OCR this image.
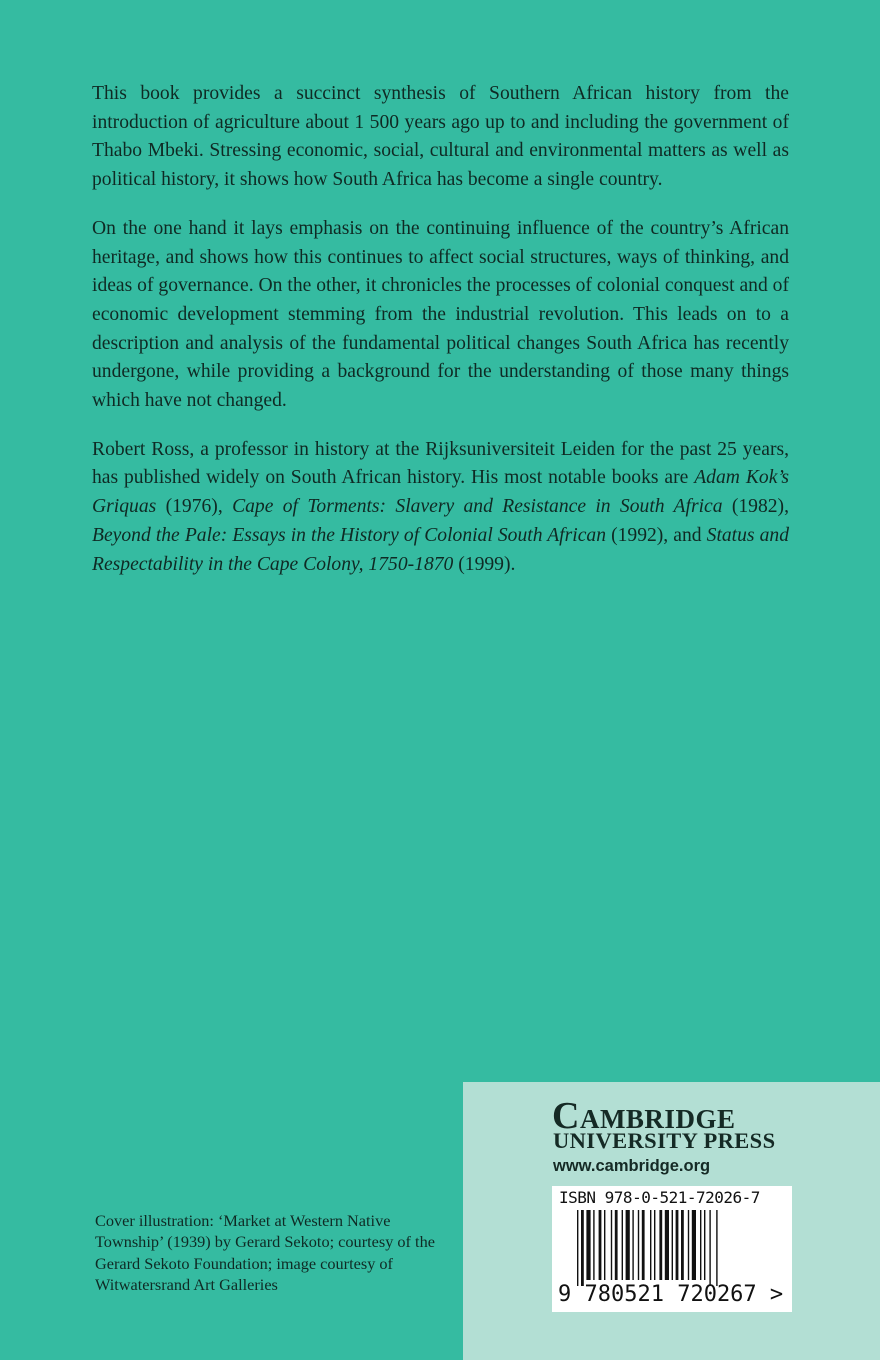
This book provides a succinct synthesis of Southern African history from the introduction of agriculture about 1 500 years ago up to and including the government of Thabo Mbeki. Stressing economic, social, cultural and environmental matters as well as political history, it shows how South Africa has become a single country.

On the one hand it lays emphasis on the continuing influence of the country’s African heritage, and shows how this continues to affect social structures, ways of thinking, and ideas of governance. On the other, it chronicles the processes of colonial conquest and of economic development stemming from the industrial revolution. This leads on to a description and analysis of the fundamental political changes South Africa has recently undergone, while providing a background for the understanding of those many things which have not changed.

Robert Ross, a professor in history at the Rijksuniversiteit Leiden for the past 25 years, has published widely on South African history. His most notable books are Adam Kok’s Griquas (1976), Cape of Torments: Slavery and Resistance in South Africa (1982), Beyond the Pale: Essays in the History of Colonial South African (1992), and Status and Respectability in the Cape Colony, 1750-1870 (1999).

Cover illustration: ‘Market at Western Native Township’ (1939) by Gerard Sekoto; courtesy of the Gerard Sekoto Foundation; image courtesy of Witwatersrand Art Galleries
Cambridge
UNIVERSITY PRESS
www.cambridge.org
ISBN 978-0-521-72026-7
9 780521 720267 >
